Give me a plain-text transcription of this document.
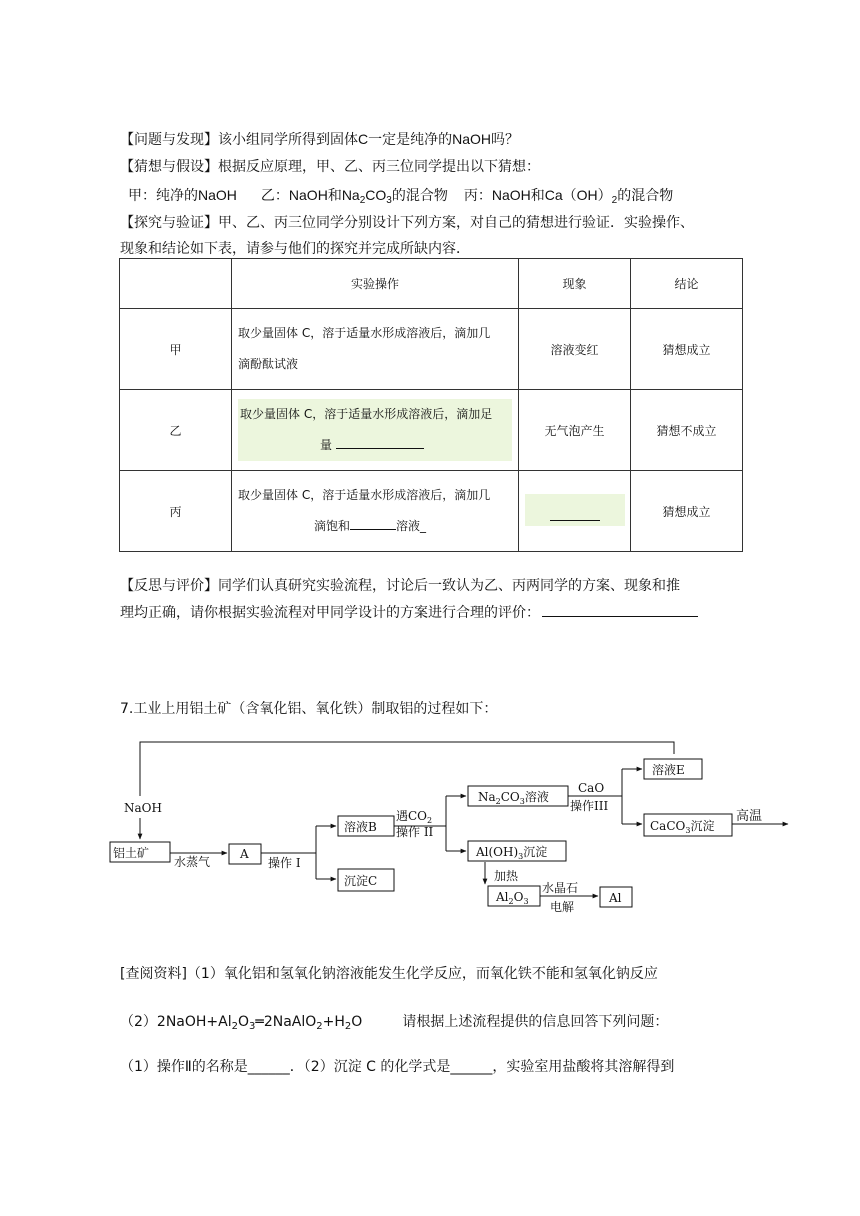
【问题与发现】该小组同学所得到固体C一定是纯净的NaOH吗？
【猜想与假设】根据反应原理，甲、乙、丙三位同学提出以下猜想：
甲：纯净的NaOH 乙：NaOH和$Na_2CO_3$的混合物 丙：NaOH和$Ca(OH)_2$的混合物
【探究与验证】甲、乙、丙三位同学分别设计下列方案，对自己的猜想进行验证．实验操作、
现象和结论如下表，请参与他们的探究并完成所缺内容．
	实验操作	现象	结论
甲	取少量固体 C，溶于适量水形成溶液后，滴加几
滴酚酞试液	溶液变红	猜想成立
乙	取少量固体 C，溶于适量水形成溶液后，滴加足
量	无气泡产生	猜想不成立
丙	取少量固体 C，溶于适量水形成溶液后，滴加几
滴饱和 溶液_		猜想成立
【反思与评价】同学们认真研究实验流程，讨论后一致认为乙、丙两同学的方案、现象和推
理均正确，请你根据实验流程对甲同学设计的方案进行合理的评价：
7.工业上用铝土矿（含氧化铝、氧化铁）制取铝的过程如下：
NaOH
铝土矿
水蒸气
A
操作 I
溶液B
沉淀C
遇$CO_2$
操作 II
$Na_2CO_3$溶液
$Al(OH)_3$沉淀
CaO
操作III
溶液E
CaCO$_3$沉淀
高温
加热
$Al_2O_3$
水晶石
电解
Al
[查阅资料]（1）氧化铝和氢氧化钠溶液能发生化学反应，而氧化铁不能和氢氧化钠反应
$(2)2NaOH+Al_2O_3═2NaAlO_2+H_2O$	请根据上述流程提供的信息回答下列问题：
（1）操作Ⅱ的名称是______．（2）沉淀 C 的化学式是______，实验室用盐酸将其溶解得到
